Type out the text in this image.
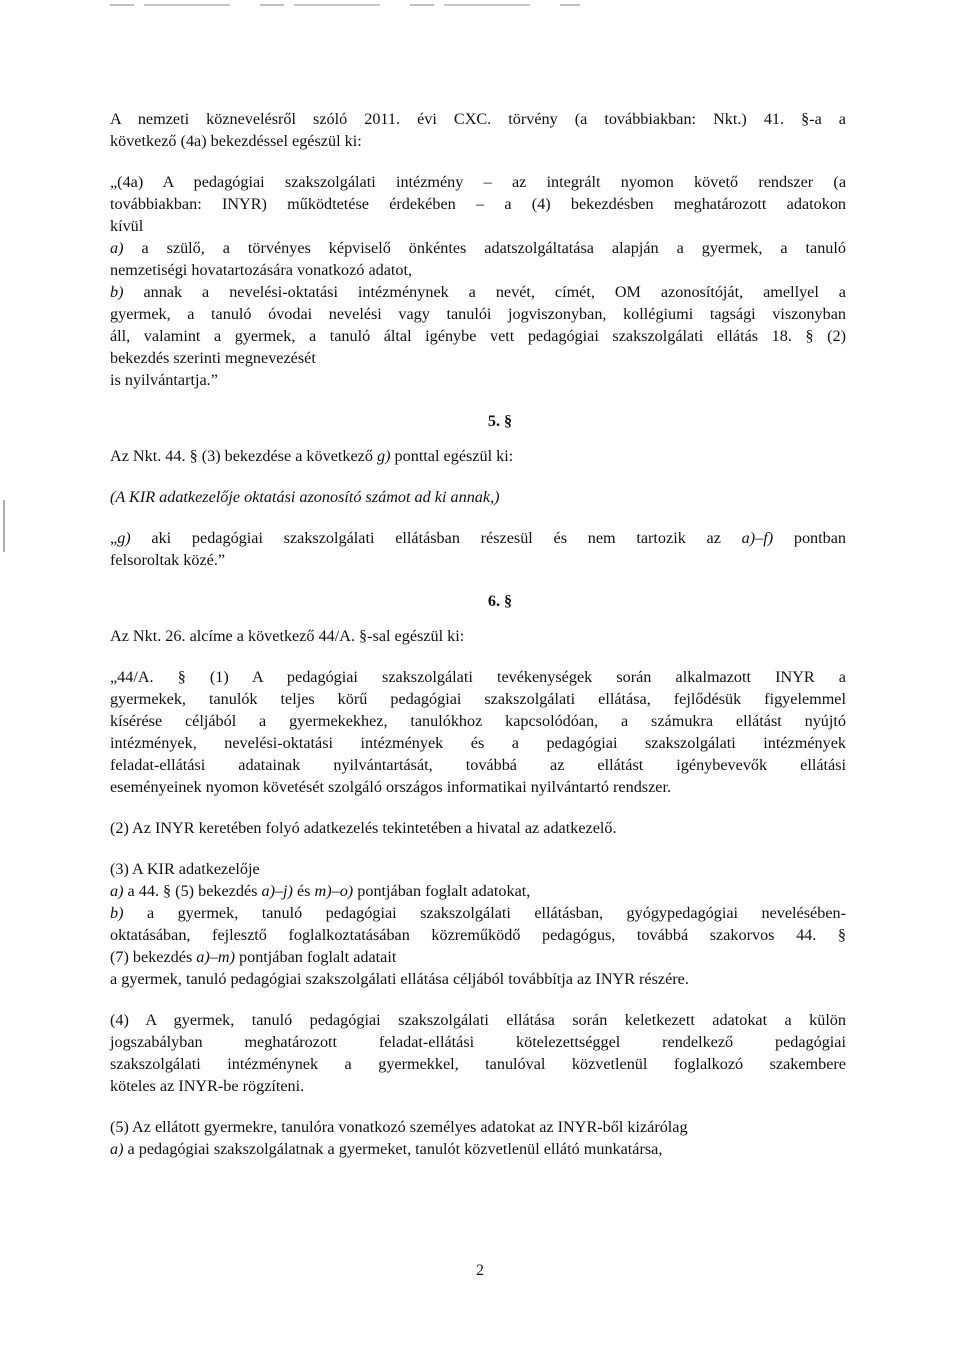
A nemzeti köznevelésről szóló 2011. évi CXC. törvény (a továbbiakban: Nkt.) 41. §-a a
következő (4a) bekezdéssel egészül ki:

„(4a) A pedagógiai szakszolgálati intézmény – az integrált nyomon követő rendszer (a
továbbiakban: INYR) működtetése érdekében – a (4) bekezdésben meghatározott adatokon
kívül
a) a szülő, a törvényes képviselő önkéntes adatszolgáltatása alapján a gyermek, a tanuló
nemzetiségi hovatartozására vonatkozó adatot,
b) annak a nevelési-oktatási intézménynek a nevét, címét, OM azonosítóját, amellyel a
gyermek, a tanuló óvodai nevelési vagy tanulói jogviszonyban, kollégiumi tagsági viszonyban
áll, valamint a gyermek, a tanuló által igénybe vett pedagógiai szakszolgálati ellátás 18. § (2)
bekezdés szerinti megnevezését
is nyilvántartja.”

5. §

Az Nkt. 44. § (3) bekezdése a következő g) ponttal egészül ki:

(A KIR adatkezelője oktatási azonosító számot ad ki annak,)

„g) aki pedagógiai szakszolgálati ellátásban részesül és nem tartozik az a)–f) pontban
felsoroltak közé.”

6. §

Az Nkt. 26. alcíme a következő 44/A. §-sal egészül ki:

„44/A. § (1) A pedagógiai szakszolgálati tevékenységek során alkalmazott INYR a
gyermekek, tanulók teljes körű pedagógiai szakszolgálati ellátása, fejlődésük figyelemmel
kísérése céljából a gyermekekhez, tanulókhoz kapcsolódóan, a számukra ellátást nyújtó
intézmények, nevelési-oktatási intézmények és a pedagógiai szakszolgálati intézmények
feladat-ellátási adatainak nyilvántartását, továbbá az ellátást igénybevevők ellátási
eseményeinek nyomon követését szolgáló országos informatikai nyilvántartó rendszer.

(2) Az INYR keretében folyó adatkezelés tekintetében a hivatal az adatkezelő.

(3) A KIR adatkezelője
a) a 44. § (5) bekezdés a)–j) és m)–o) pontjában foglalt adatokat,
b) a gyermek, tanuló pedagógiai szakszolgálati ellátásban, gyógypedagógiai nevelésében-
oktatásában, fejlesztő foglalkoztatásában közreműködő pedagógus, továbbá szakorvos 44. §
(7) bekezdés a)–m) pontjában foglalt adatait
a gyermek, tanuló pedagógiai szakszolgálati ellátása céljából továbbítja az INYR részére.

(4) A gyermek, tanuló pedagógiai szakszolgálati ellátása során keletkezett adatokat a külön
jogszabályban meghatározott feladat-ellátási kötelezettséggel rendelkező pedagógiai
szakszolgálati intézménynek a gyermekkel, tanulóval közvetlenül foglalkozó szakembere
köteles az INYR-be rögzíteni.

(5) Az ellátott gyermekre, tanulóra vonatkozó személyes adatokat az INYR-ből kizárólag
a) a pedagógiai szakszolgálatnak a gyermeket, tanulót közvetlenül ellátó munkatársa,

2
